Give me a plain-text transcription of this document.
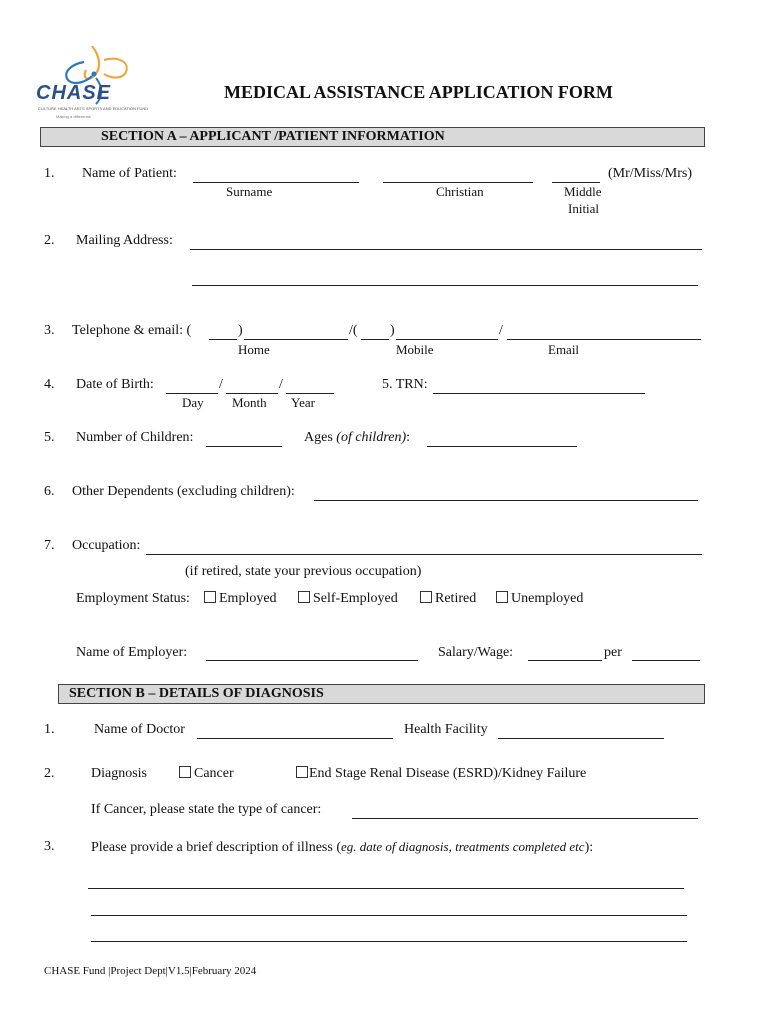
CHASE
CULTURE HEALTH ARTS SPORTS AND EDUCATION FUND
Making a difference
MEDICAL ASSISTANCE APPLICATION FORM
SECTION A – APPLICANT /PATIENT INFORMATION
1. Name of Patient:	(Mr/Miss/Mrs)
Surname	Christian	Middle
Initial
2. Mailing Address:
3. Telephone & email: (	)	/( )	/
Home	Mobile	Email
4. Date of Birth:	/	/
Day Month Year
5. TRN:
5. Number of Children:	Ages (of children):
6. Other Dependents (excluding children):
7. Occupation:
(if retired, state your previous occupation)
Employment Status:	Employed	Self-Employed	Retired	Unemployed
Name of Employer:	Salary/Wage:	per
SECTION B – DETAILS OF DIAGNOSIS
1.	Name of Doctor	Health Facility
2.	Diagnosis	Cancer	End Stage Renal Disease (ESRD)/Kidney Failure
If Cancer, please state the type of cancer:
3.	Please provide a brief description of illness (eg. date of diagnosis, treatments completed etc):
CHASE Fund |Project Dept|V1.5|February 2024
